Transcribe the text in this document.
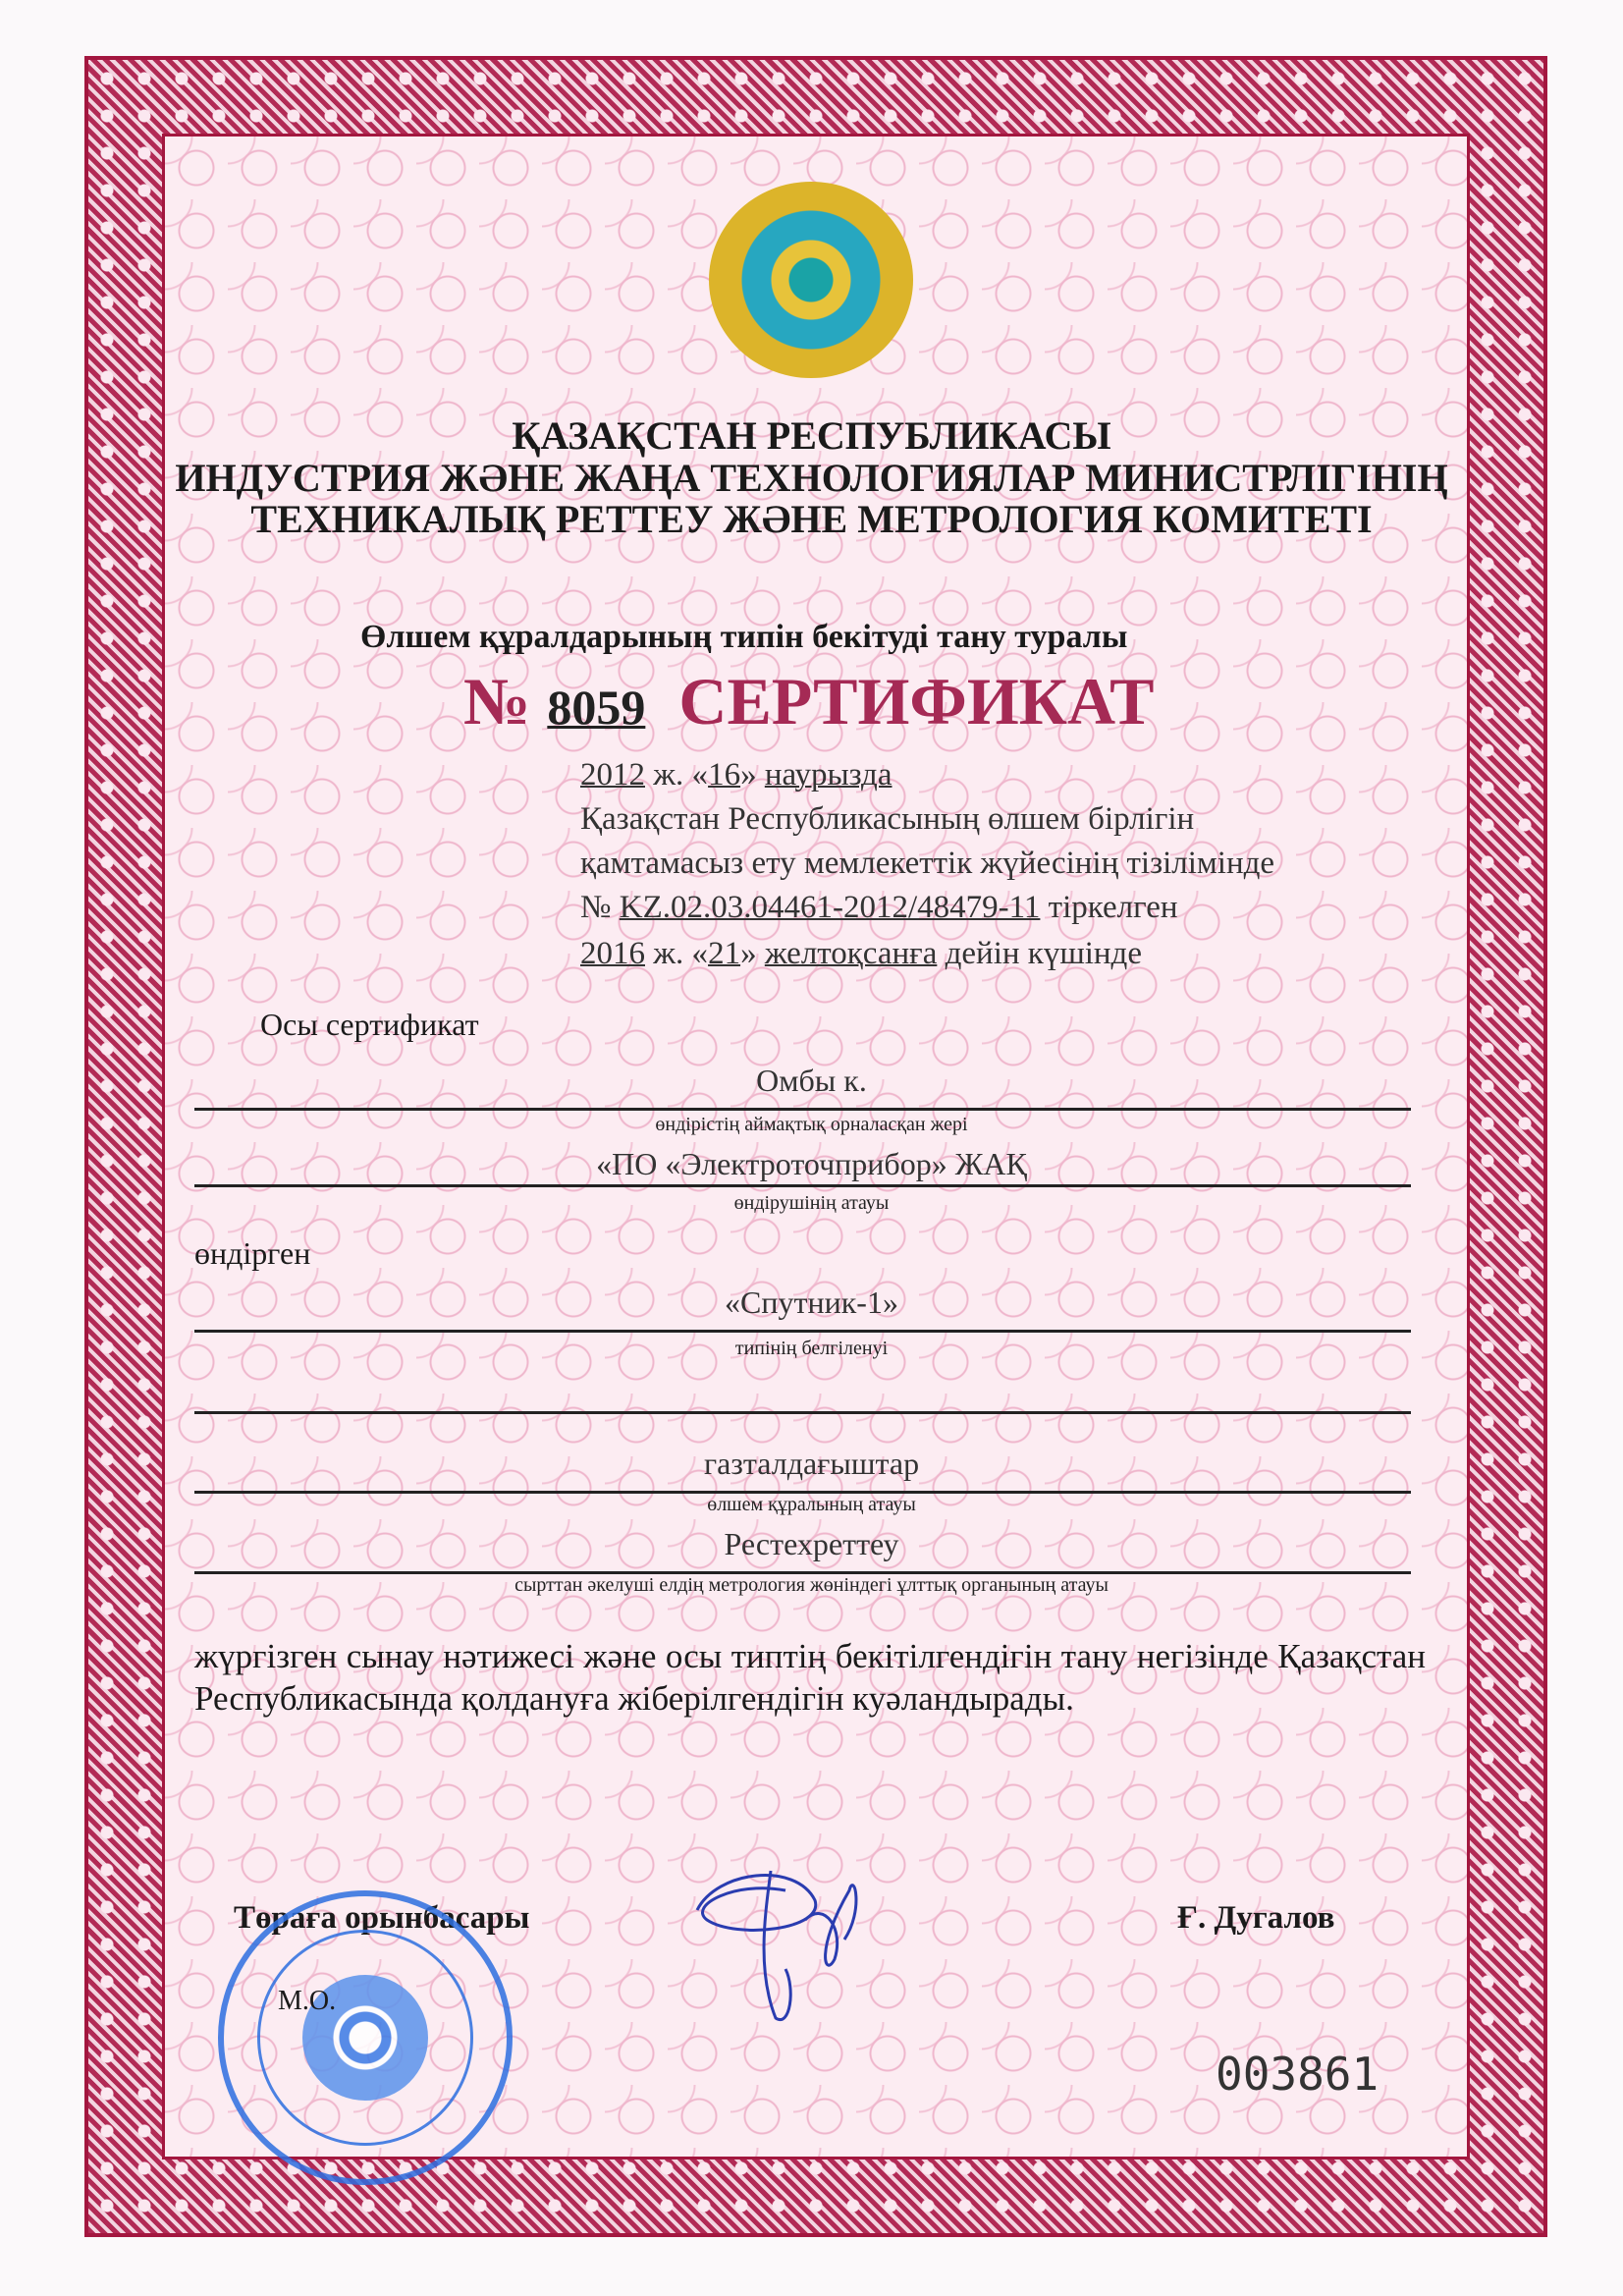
ҚАЗАҚСТАН РЕСПУБЛИКАСЫ
ИНДУСТРИЯ ЖӘНЕ ЖАҢА ТЕХНОЛОГИЯЛАР МИНИСТРЛІГІНІҢ
ТЕХНИКАЛЫҚ РЕТТЕУ ЖӘНЕ МЕТРОЛОГИЯ КОМИТЕТІ
Өлшем құралдарының типін бекітуді тану туралы
№ 8059 СЕРТИФИКАТ
2012 ж. «16» наурызда
Қазақстан Республикасының өлшем бірлігін
қамтамасыз ету мемлекеттік жүйесінің тізілімінде
№ KZ.02.03.04461-2012/48479-11 тіркелген
2016 ж. «21» желтоқсанға дейін күшінде
Осы сертификат
Омбы к.
өндірістің аймақтық орналасқан жері
«ПО «Электроточприбор» ЖАҚ
өндірушінің атауы
өндірген
«Спутник-1»
типінің белгіленуі
газталдағыштар
өлшем құралының атауы
Рестехреттеу
сырттан әкелуші елдің метрология жөніндегі ұлттық органының атауы
жүргізген сынау нәтижесі және осы типтің бекітілгендігін тану негізінде Қазақстан Республикасында қолдануға жіберілгендігін куәландырады.
Төраға орынбасары	Ғ. Дугалов
М.О.
003861
